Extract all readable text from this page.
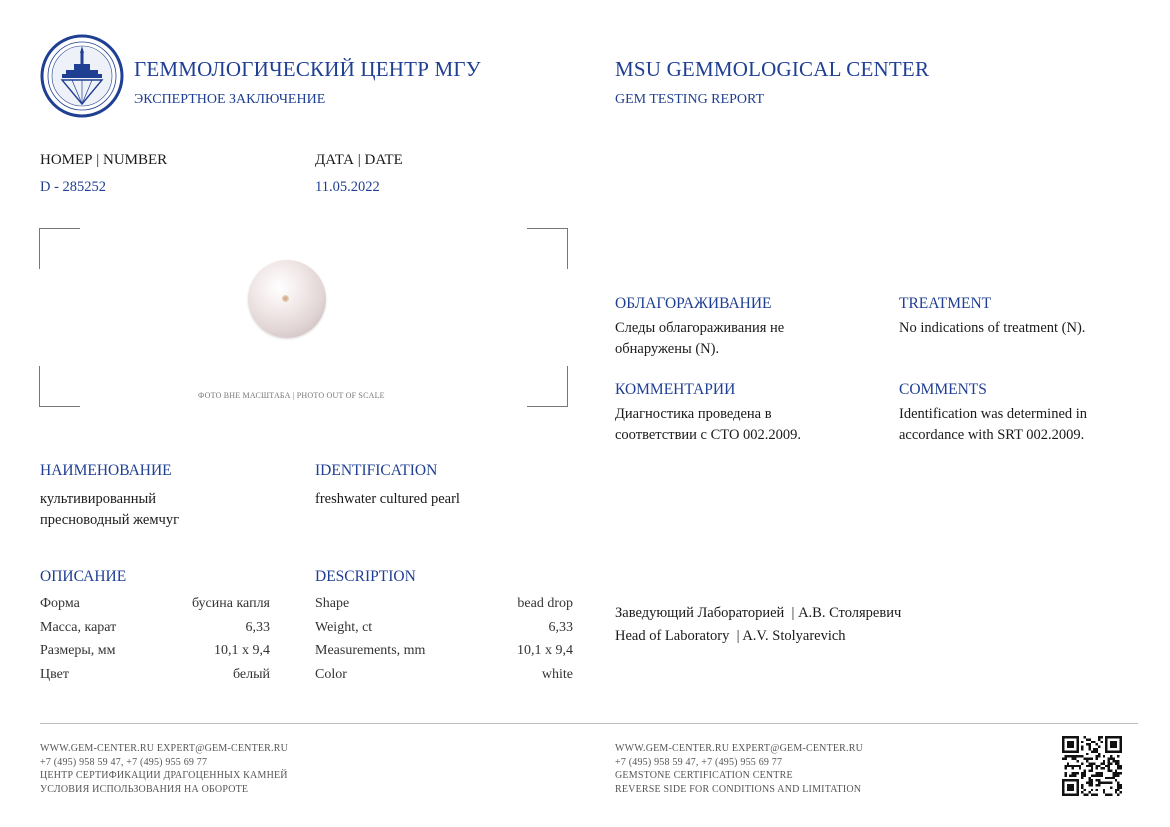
ГЕММОЛОГИЧЕСКИЙ ЦЕНТР МГУ
ЭКСПЕРТНОЕ ЗАКЛЮЧЕНИЕ
MSU GEMMOLOGICAL CENTER
GEM TESTING REPORT
НОМЕР | NUMBER
D - 285252
ДАТА | DATE
11.05.2022
ФОТО ВНЕ МАСШТАБА | PHOTO OUT OF SCALE
НАИМЕНОВАНИЕ
культивированный
пресноводный жемчуг
IDENTIFICATION
freshwater cultured pearl
ОПИСАНИЕ	DESCRIPTION
Форма	бусина капля
Масса, карат	6,33
Размеры, мм	10,1 x 9,4
Цвет	белый
Shape	bead drop
Weight, ct	6,33
Measurements, mm	10,1 x 9,4
Color	white
ОБЛАГОРАЖИВАНИЕ
Следы облагораживания не
обнаружены (N).
TREATMENT
No indications of treatment (N).
КОММЕНТАРИИ
Диагностика проведена в
соответствии с СТО 002.2009.
COMMENTS
Identification was determined in
accordance with SRT 002.2009.
Заведующий Лабораторией  | А.В. Столяревич
Head of Laboratory  | A.V. Stolyarevich
WWW.GEM-CENTER.RU EXPERT@GEM-CENTER.RU
+7 (495) 958 59 47, +7 (495) 955 69 77
ЦЕНТР СЕРТИФИКАЦИИ ДРАГОЦЕННЫХ КАМНЕЙ
УСЛОВИЯ ИСПОЛЬЗОВАНИЯ НА ОБОРОТЕ
WWW.GEM-CENTER.RU EXPERT@GEM-CENTER.RU
+7 (495) 958 59 47, +7 (495) 955 69 77
GEMSTONE CERTIFICATION CENTRE
REVERSE SIDE FOR CONDITIONS AND LIMITATION
